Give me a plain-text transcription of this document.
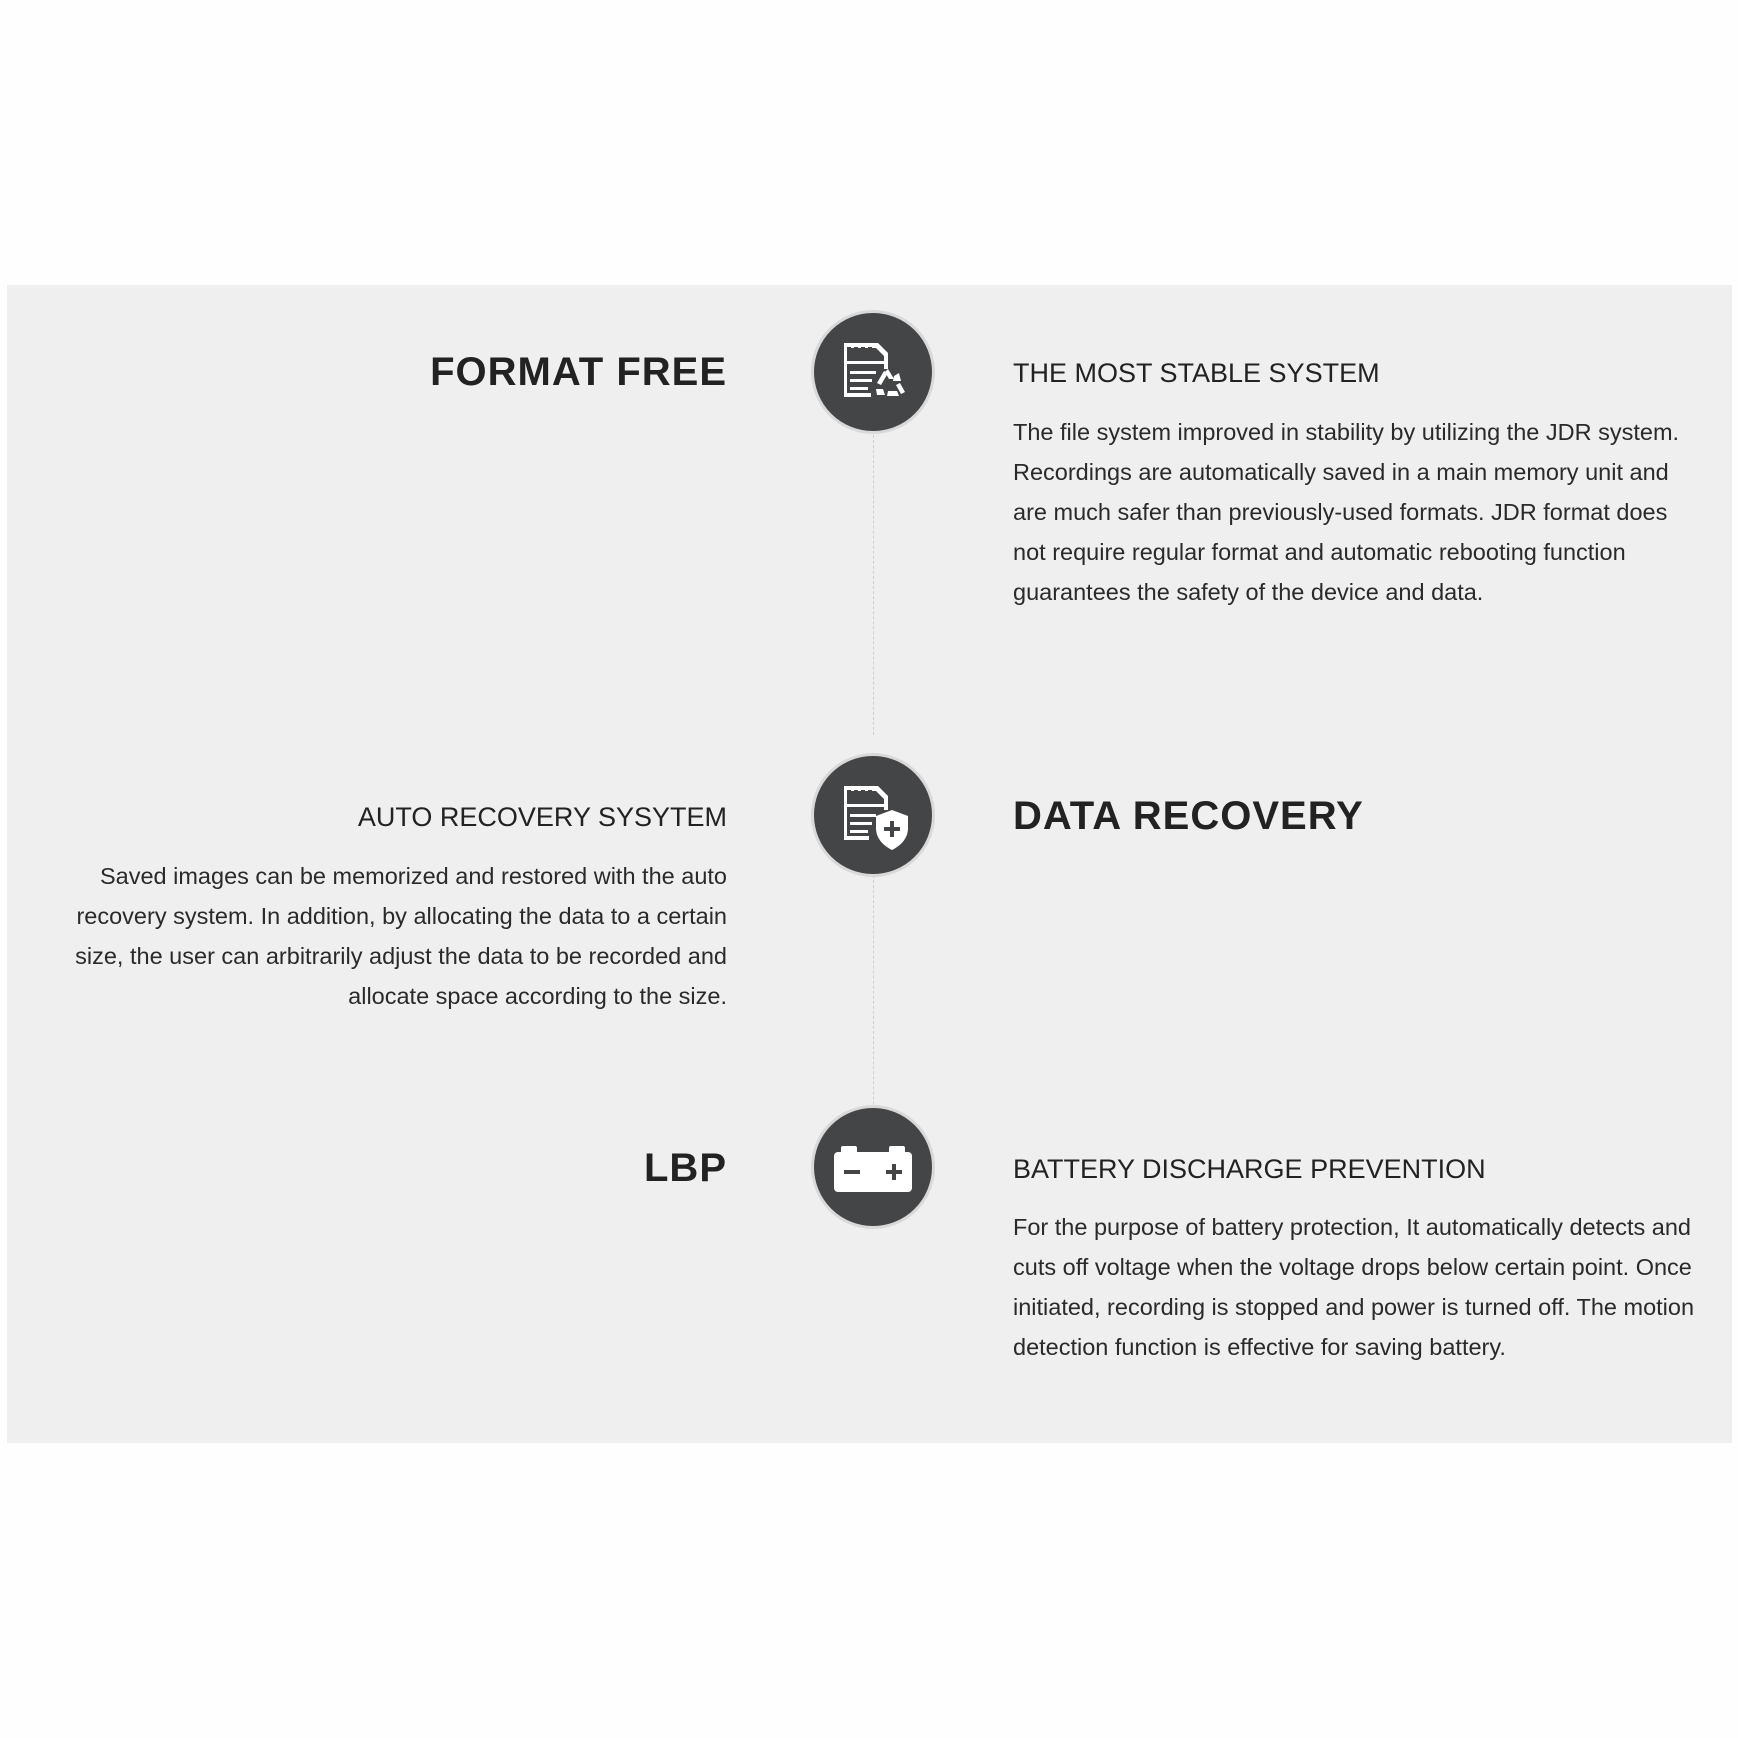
FORMAT FREE	THE MOST STABLE SYSTEM
The file system improved in stability by utilizing the JDR system. Recordings are automatically saved in a main memory unit and are much safer than previously-used formats. JDR format does not require regular format and automatic rebooting function guarantees the safety of the device and data.
AUTO RECOVERY SYSYTEM
Saved images can be memorized and restored with the auto recovery system. In addition, by allocating the data to a certain size, the user can arbitrarily adjust the data to be recorded and allocate space according to the size.
DATA RECOVERY
LBP	BATTERY DISCHARGE PREVENTION
For the purpose of battery protection, It automatically detects and cuts off voltage when the voltage drops below certain point. Once initiated, recording is stopped and power is turned off. The motion detection function is effective for saving battery.
